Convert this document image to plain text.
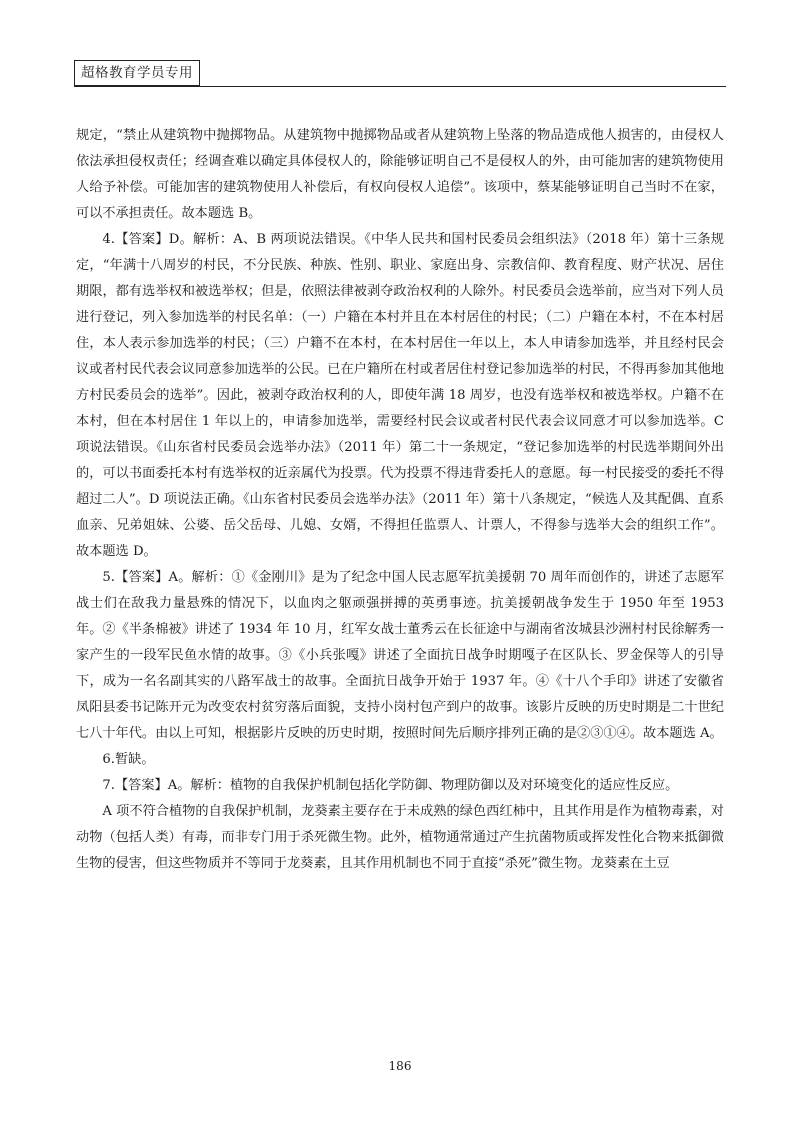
超格教育学员专用

规定，“禁止从建筑物中抛掷物品。从建筑物中抛掷物品或者从建筑物上坠落的物品造成他人损害的，由侵权人依法承担侵权责任；经调查难以确定具体侵权人的，除能够证明自己不是侵权人的外，由可能加害的建筑物使用人给予补偿。可能加害的建筑物使用人补偿后，有权向侵权人追偿”。该项中，蔡某能够证明自己当时不在家，可以不承担责任。故本题选 B。

4.【答案】D。解析：A、B 两项说法错误。《中华人民共和国村民委员会组织法》（2018 年）第十三条规定，“年满十八周岁的村民，不分民族、种族、性别、职业、家庭出身、宗教信仰、教育程度、财产状况、居住期限，都有选举权和被选举权；但是，依照法律被剥夺政治权利的人除外。村民委员会选举前，应当对下列人员进行登记，列入参加选举的村民名单：（一）户籍在本村并且在本村居住的村民；（二）户籍在本村，不在本村居住，本人表示参加选举的村民；（三）户籍不在本村，在本村居住一年以上，本人申请参加选举，并且经村民会议或者村民代表会议同意参加选举的公民。已在户籍所在村或者居住村登记参加选举的村民，不得再参加其他地方村民委员会的选举”。因此，被剥夺政治权利的人，即使年满 18 周岁，也没有选举权和被选举权。户籍不在本村，但在本村居住 1 年以上的，申请参加选举，需要经村民会议或者村民代表会议同意才可以参加选举。C 项说法错误。《山东省村民委员会选举办法》（2011 年）第二十一条规定，“登记参加选举的村民选举期间外出的，可以书面委托本村有选举权的近亲属代为投票。代为投票不得违背委托人的意愿。每一村民接受的委托不得超过二人”。D 项说法正确。《山东省村民委员会选举办法》（2011 年）第十八条规定，“候选人及其配偶、直系血亲、兄弟姐妹、公婆、岳父岳母、儿媳、女婿，不得担任监票人、计票人，不得参与选举大会的组织工作”。故本题选 D。

5.【答案】A。解析：①《金刚川》是为了纪念中国人民志愿军抗美援朝 70 周年而创作的，讲述了志愿军战士们在敌我力量悬殊的情况下，以血肉之躯顽强拼搏的英勇事迹。抗美援朝战争发生于 1950 年至 1953 年。②《半条棉被》讲述了 1934 年 10 月，红军女战士董秀云在长征途中与湖南省汝城县沙洲村村民徐解秀一家产生的一段军民鱼水情的故事。③《小兵张嘎》讲述了全面抗日战争时期嘎子在区队长、罗金保等人的引导下，成为一名名副其实的八路军战士的故事。全面抗日战争开始于 1937 年。④《十八个手印》讲述了安徽省凤阳县委书记陈开元为改变农村贫穷落后面貌，支持小岗村包产到户的故事。该影片反映的历史时期是二十世纪七八十年代。由以上可知，根据影片反映的历史时期，按照时间先后顺序排列正确的是②③①④。故本题选 A。

6.暂缺。

7.【答案】A。解析：植物的自我保护机制包括化学防御、物理防御以及对环境变化的适应性反应。

A 项不符合植物的自我保护机制，龙葵素主要存在于未成熟的绿色西红柿中，且其作用是作为植物毒素，对动物（包括人类）有毒，而非专门用于杀死微生物。此外，植物通常通过产生抗菌物质或挥发性化合物来抵御微生物的侵害，但这些物质并不等同于龙葵素，且其作用机制也不同于直接“杀死”微生物。龙葵素在土豆

186
